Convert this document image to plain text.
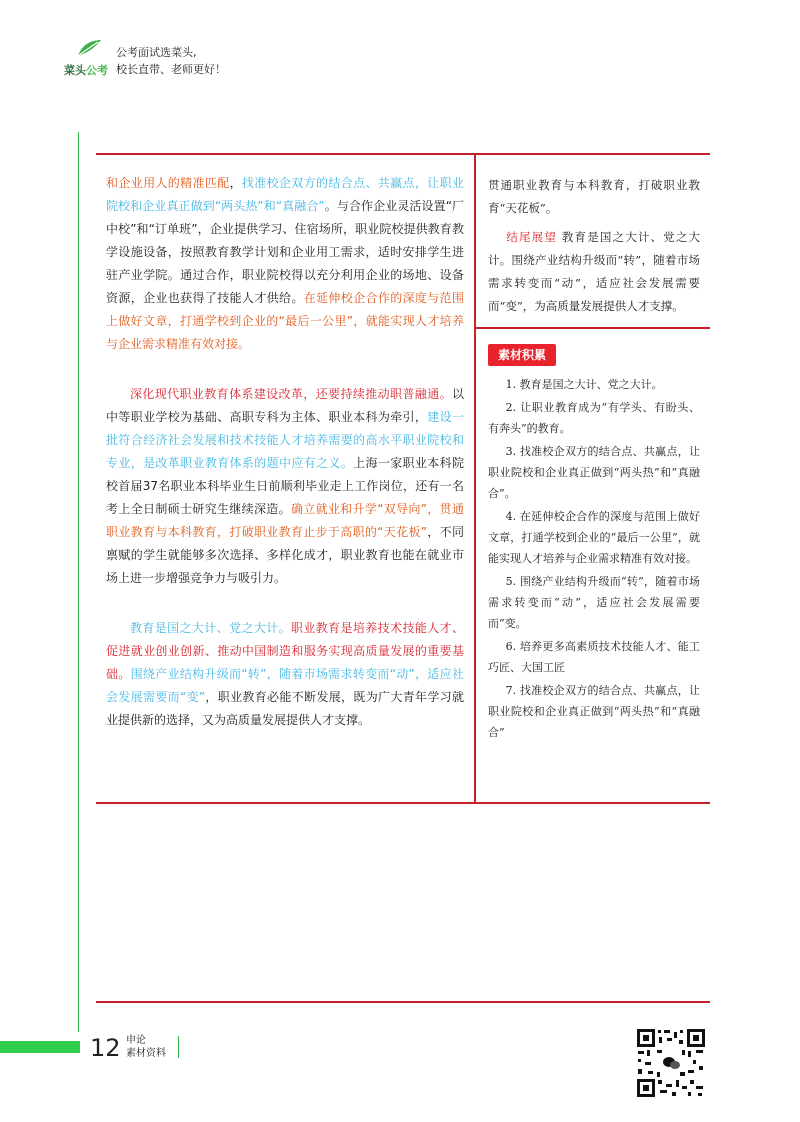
菜头公考
公考面试选菜头,
校长直带、老师更好！

和企业用人的精准匹配，找准校企双方的结合点、共赢点，让职业院校和企业真正做到“两头热”和“真融合”。与合作企业灵活设置“厂中校”和“订单班”，企业提供学习、住宿场所，职业院校提供教育教学设施设备，按照教育教学计划和企业用工需求，适时安排学生进驻产业学院。通过合作，职业院校得以充分利用企业的场地、设备资源，企业也获得了技能人才供给。在延伸校企合作的深度与范围上做好文章，打通学校到企业的“最后一公里”，就能实现人才培养与企业需求精准有效对接。

深化现代职业教育体系建设改革，还要持续推动职普融通。以中等职业学校为基础、高职专科为主体、职业本科为牵引，建设一批符合经济社会发展和技术技能人才培养需要的高水平职业院校和专业，是改革职业教育体系的题中应有之义。上海一家职业本科院校首届37名职业本科毕业生日前顺利毕业走上工作岗位，还有一名考上全日制硕士研究生继续深造。确立就业和升学“双导向”，贯通职业教育与本科教育，打破职业教育止步于高职的“天花板”，不同禀赋的学生就能够多次选择、多样化成才，职业教育也能在就业市场上进一步增强竞争力与吸引力。

教育是国之大计、党之大计。职业教育是培养技术技能人才、促进就业创业创新、推动中国制造和服务实现高质量发展的重要基础。围绕产业结构升级而“转”，随着市场需求转变而“动”，适应社会发展需要而“变”，职业教育必能不断发展，既为广大青年学习就业提供新的选择，又为高质量发展提供人才支撑。

贯通职业教育与本科教育，打破职业教育“天花板”。

结尾展望 教育是国之大计、党之大计。围绕产业结构升级而“转”，随着市场需求转变而“动”，适应社会发展需要而“变”，为高质量发展提供人才支撑。

素材积累

1. 教育是国之大计、党之大计。

2. 让职业教育成为“有学头、有盼头、有奔头”的教育。

3. 找准校企双方的结合点、共赢点，让职业院校和企业真正做到“两头热”和“真融合”。

4. 在延伸校企合作的深度与范围上做好文章，打通学校到企业的“最后一公里”，就能实现人才培养与企业需求精准有效对接。

5. 围绕产业结构升级而“转”，随着市场需求转变而“动”，适应社会发展需要而“变。

6. 培养更多高素质技术技能人才、能工巧匠、大国工匠

7. 找准校企双方的结合点、共赢点，让职业院校和企业真正做到“两头热”和“真融合”

12 申论
素材资料
